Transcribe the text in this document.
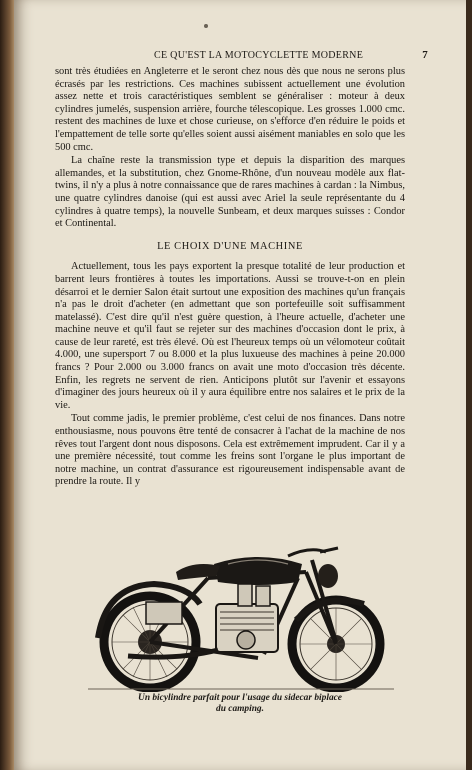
CE QU'EST LA MOTOCYCLETTE MODERNE	7

sont très étudiées en Angleterre et le seront chez nous dès que nous ne serons plus écrasés par les restrictions. Ces machines subissent actuellement une évolution assez nette et trois caractéristiques semblent se généraliser : moteur à deux cylindres jumelés, suspension arrière, fourche télescopique. Les grosses 1.000 cmc. restent des machines de luxe et chose curieuse, on s'efforce d'en réduire le poids et l'empattement de telle sorte qu'elles soient aussi aisément maniables en solo que les 500 cmc.

La chaîne reste la transmission type et depuis la disparition des marques allemandes, et la substitution, chez Gnome-Rhône, d'un nouveau modèle aux flat-twins, il n'y a plus à notre connaissance que de rares machines à cardan : la Nimbus, une quatre cylindres danoise (qui est aussi avec Ariel la seule représentante du 4 cylindres à quatre temps), la nouvelle Sunbeam, et deux marques suisses : Condor et Continental.

LE CHOIX D'UNE MACHINE

Actuellement, tous les pays exportent la presque totalité de leur production et barrent leurs frontières à toutes les importations. Aussi se trouve-t-on en plein désarroi et le dernier Salon était surtout une exposition des machines qu'un français n'a pas le droit d'acheter (en admettant que son portefeuille soit suffisamment matelassé). C'est dire qu'il n'est guère question, à l'heure actuelle, d'acheter une machine neuve et qu'il faut se rejeter sur des machines d'occasion dont le prix, à cause de leur rareté, est très élevé. Où est l'heureux temps où un vélomoteur coûtait 4.000, une supersport 7 ou 8.000 et la plus luxueuse des machines à peine 20.000 francs ? Pour 2.000 ou 3.000 francs on avait une moto d'occasion très décente. Enfin, les regrets ne servent de rien. Anticipons plutôt sur l'avenir et essayons d'imaginer des jours heureux où il y aura équilibre entre nos salaires et le prix de la vie.

Tout comme jadis, le premier problème, c'est celui de nos finances. Dans notre enthousiasme, nous pouvons être tenté de consacrer à l'achat de la machine de nos rêves tout l'argent dont nous disposons. Cela est extrêmement imprudent. Car il y a une première nécessité, tout comme les freins sont l'organe le plus important de notre machine, un contrat d'assurance est rigoureusement indispensable avant de prendre la route. Il y

Un bicylindre parfait pour l'usage du sidecar biplace
du camping.
